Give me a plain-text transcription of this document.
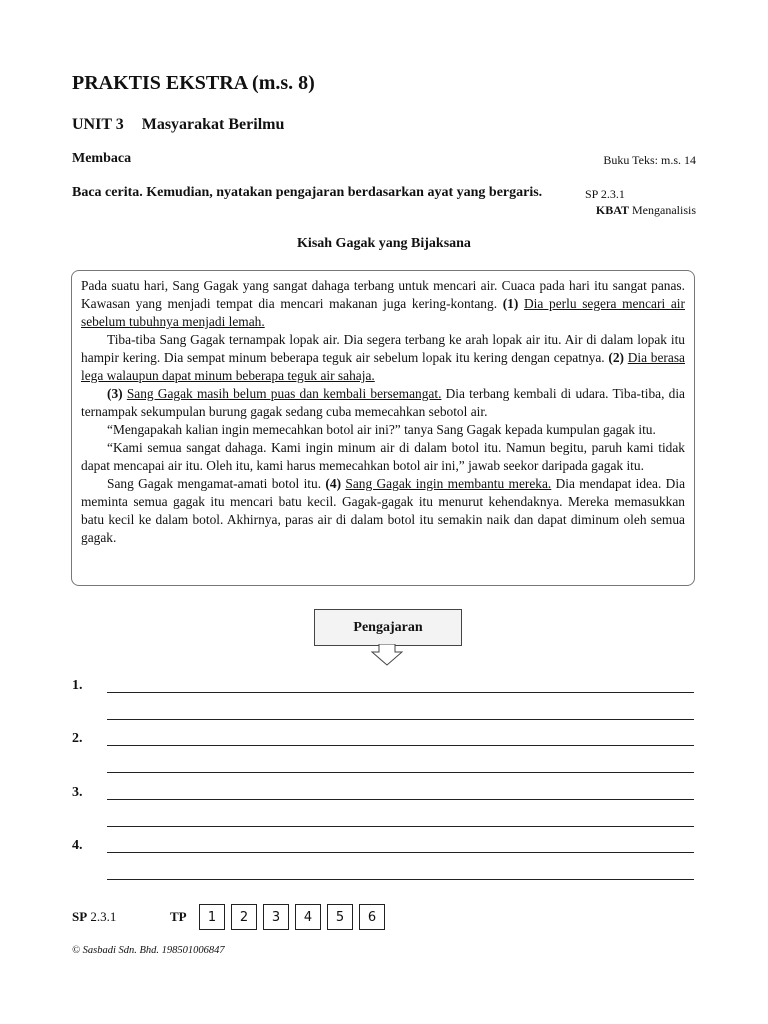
PRAKTIS EKSTRA (m.s. 8)
UNIT 3 Masyarakat Berilmu
Membaca	Buku Teks: m.s. 14
Baca cerita. Kemudian, nyatakan pengajaran berdasarkan ayat yang bergaris.	SP 2.3.1
KBAT Menganalisis
Kisah Gagak yang Bijaksana

Pada suatu hari, Sang Gagak yang sangat dahaga terbang untuk mencari air. Cuaca pada hari itu sangat panas. Kawasan yang menjadi tempat dia mencari makanan juga kering-kontang. (1) Dia perlu segera mencari air sebelum tubuhnya menjadi lemah.

Tiba-tiba Sang Gagak ternampak lopak air. Dia segera terbang ke arah lopak air itu. Air di dalam lopak itu hampir kering. Dia sempat minum beberapa teguk air sebelum lopak itu kering dengan cepatnya. (2) Dia berasa lega walaupun dapat minum beberapa teguk air sahaja.

(3) Sang Gagak masih belum puas dan kembali bersemangat. Dia terbang kembali di udara. Tiba-tiba, dia ternampak sekumpulan burung gagak sedang cuba memecahkan sebotol air.

“Mengapakah kalian ingin memecahkan botol air ini?” tanya Sang Gagak kepada kumpulan gagak itu.

“Kami semua sangat dahaga. Kami ingin minum air di dalam botol itu. Namun begitu, paruh kami tidak dapat mencapai air itu. Oleh itu, kami harus memecahkan botol air ini,” jawab seekor daripada gagak itu.

Sang Gagak mengamat-amati botol itu. (4) Sang Gagak ingin membantu mereka. Dia mendapat idea. Dia meminta semua gagak itu mencari batu kecil. Gagak-gagak itu menurut kehendaknya. Mereka memasukkan batu kecil ke dalam botol. Akhirnya, paras air di dalam botol itu semakin naik dan dapat diminum oleh semua gagak.

Pengajaran
1.
2.
3.
4.
SP 2.3.1	TP	1	2	3	4	5	6
© Sasbadi Sdn. Bhd. 198501006847
